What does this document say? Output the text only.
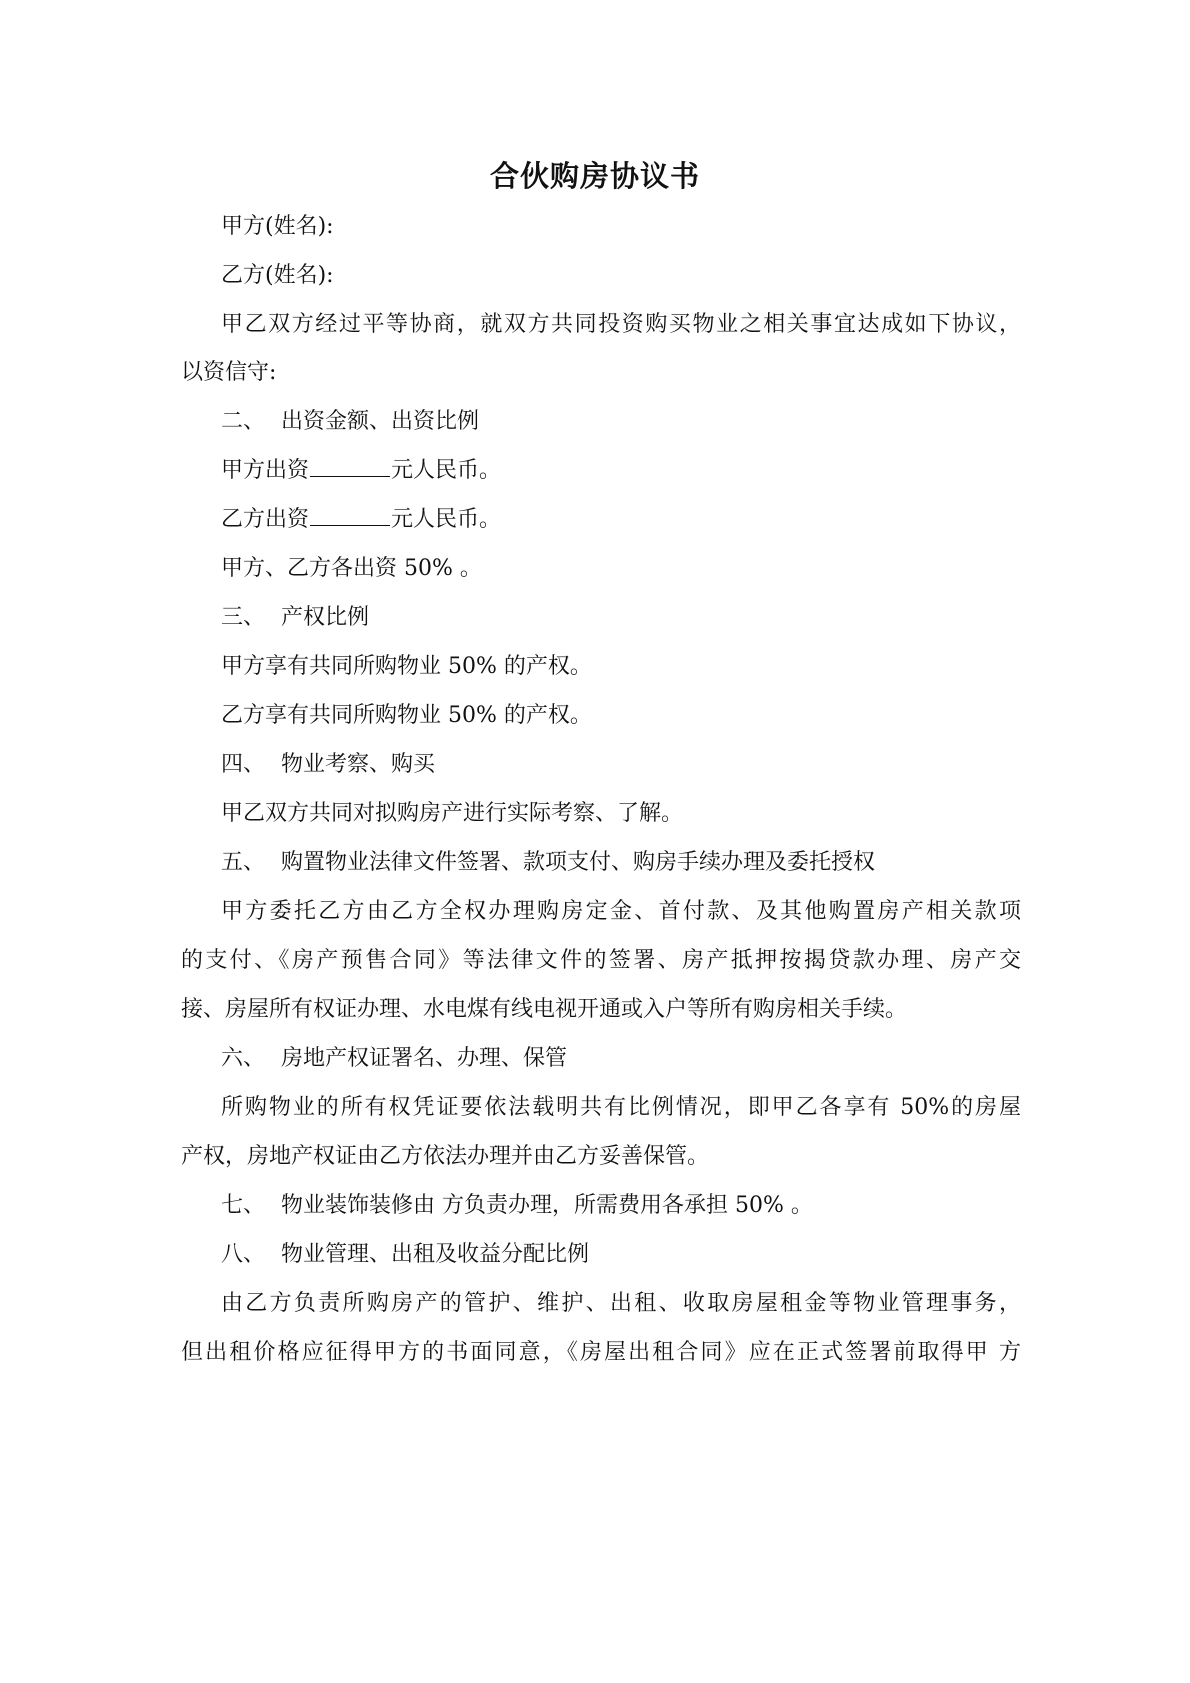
合伙购房协议书
甲方(姓名):
乙方(姓名):
甲乙双方经过平等协商，就双方共同投资购买物业之相关事宜达成如下协议，
以资信守:
二、 出资金额、出资比例
甲方出资	元人民币。
乙方出资	元人民币。
甲方、乙方各出资 50% 。
三、 产权比例
甲方享有共同所购物业 50% 的产权。
乙方享有共同所购物业 50% 的产权。
四、 物业考察、购买
甲乙双方共同对拟购房产进行实际考察、了解。
五、 购置物业法律文件签署、款项支付、购房手续办理及委托授权
甲方委托乙方由乙方全权办理购房定金、首付款、及其他购置房产相关款项
的支付、《房产预售合同》等法律文件的签署、房产抵押按揭贷款办理、房产交
接、房屋所有权证办理、水电煤有线电视开通或入户等所有购房相关手续。
六、 房地产权证署名、办理、保管
所购物业的所有权凭证要依法载明共有比例情况，即甲乙各享有 50%的房屋
产权，房地产权证由乙方依法办理并由乙方妥善保管。
七、 物业装饰装修由 方负责办理，所需费用各承担 50% 。
八、 物业管理、出租及收益分配比例
由乙方负责所购房产的管护、维护、出租、收取房屋租金等物业管理事务，
但出租价格应征得甲方的书面同意，《房屋出租合同》应在正式签署前取得甲 方
